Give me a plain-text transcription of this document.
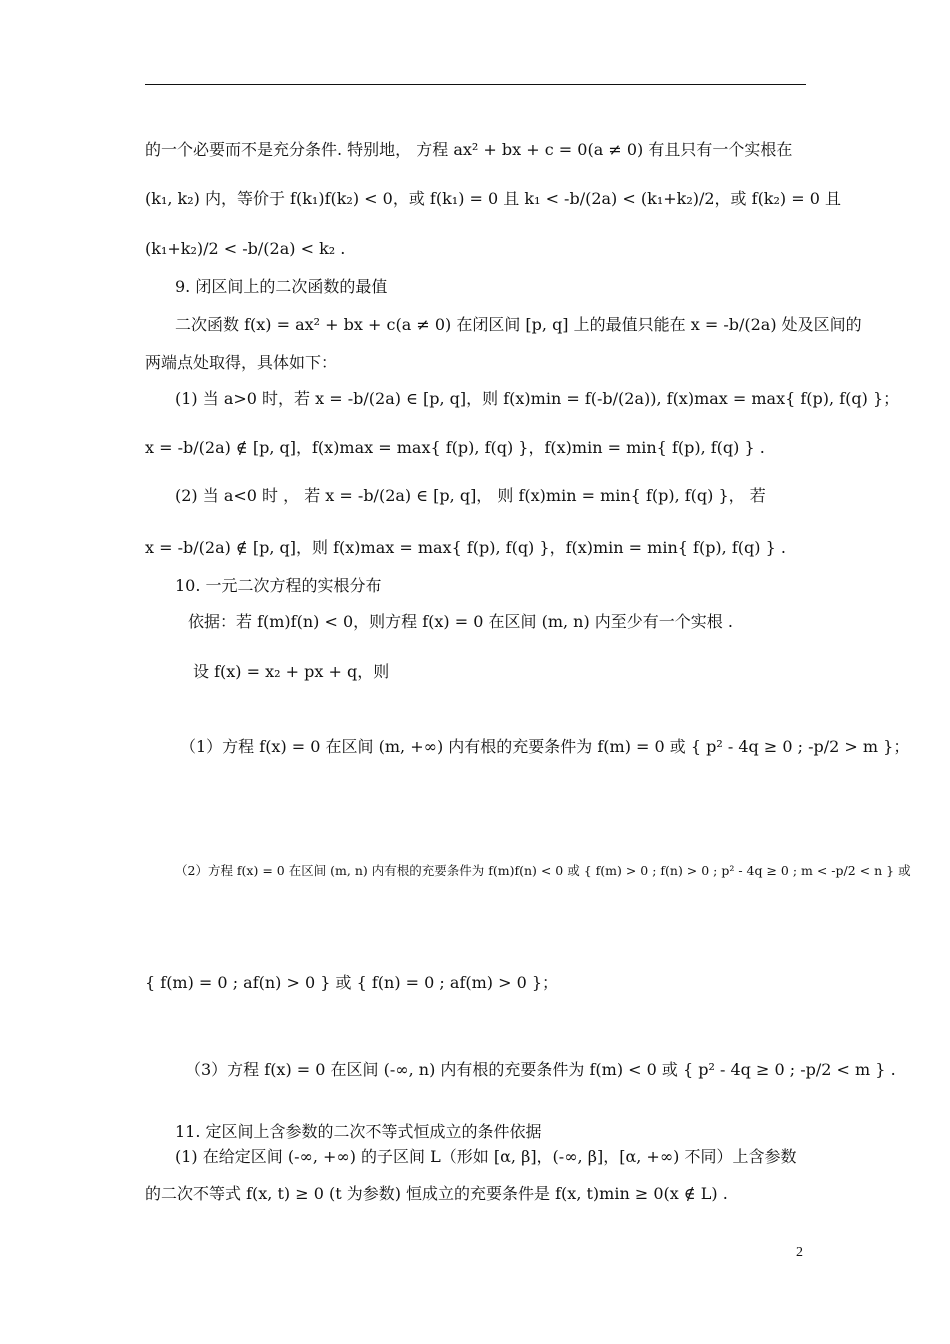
的一个必要而不是充分条件. 特别地， 方程 ax² + bx + c = 0(a ≠ 0) 有且只有一个实根在
(k₁, k₂) 内，等价于 f(k₁)f(k₂) < 0，或 f(k₁) = 0 且 k₁ < -b/(2a) < (k₁+k₂)/2，或 f(k₂) = 0 且
(k₁+k₂)/2 < -b/(2a) < k₂ .
9. 闭区间上的二次函数的最值
二次函数 f(x) = ax² + bx + c(a ≠ 0) 在闭区间 [p, q] 上的最值只能在 x = -b/(2a) 处及区间的
两端点处取得，具体如下：
(1) 当 a>0 时，若 x = -b/(2a) ∈ [p, q]，则 f(x)min = f(-b/(2a)), f(x)max = max{ f(p), f(q) }；
x = -b/(2a) ∉ [p, q]，f(x)max = max{ f(p), f(q) }，f(x)min = min{ f(p), f(q) } .
(2) 当 a<0 时 ， 若 x = -b/(2a) ∈ [p, q]， 则 f(x)min = min{ f(p), f(q) }， 若
x = -b/(2a) ∉ [p, q]，则 f(x)max = max{ f(p), f(q) }，f(x)min = min{ f(p), f(q) } .
10. 一元二次方程的实根分布
依据：若 f(m)f(n) < 0，则方程 f(x) = 0 在区间 (m, n) 内至少有一个实根 .
设 f(x) = x₂ + px + q，则
（1）方程 f(x) = 0 在区间 (m, +∞) 内有根的充要条件为 f(m) = 0 或 { p² - 4q ≥ 0 ; -p/2 > m }；
（2）方程 f(x) = 0 在区间 (m, n) 内有根的充要条件为 f(m)f(n) < 0 或 { f(m) > 0 ; f(n) > 0 ; p² - 4q ≥ 0 ; m < -p/2 < n } 或
{ f(m) = 0 ; af(n) > 0 } 或 { f(n) = 0 ; af(m) > 0 }；
（3）方程 f(x) = 0 在区间 (-∞, n) 内有根的充要条件为 f(m) < 0 或 { p² - 4q ≥ 0 ; -p/2 < m } .
11. 定区间上含参数的二次不等式恒成立的条件依据
(1) 在给定区间 (-∞, +∞) 的子区间 L（形如 [α, β]，(-∞, β]，[α, +∞) 不同）上含参数
的二次不等式 f(x, t) ≥ 0 (t 为参数) 恒成立的充要条件是 f(x, t)min ≥ 0(x ∉ L) .
2
